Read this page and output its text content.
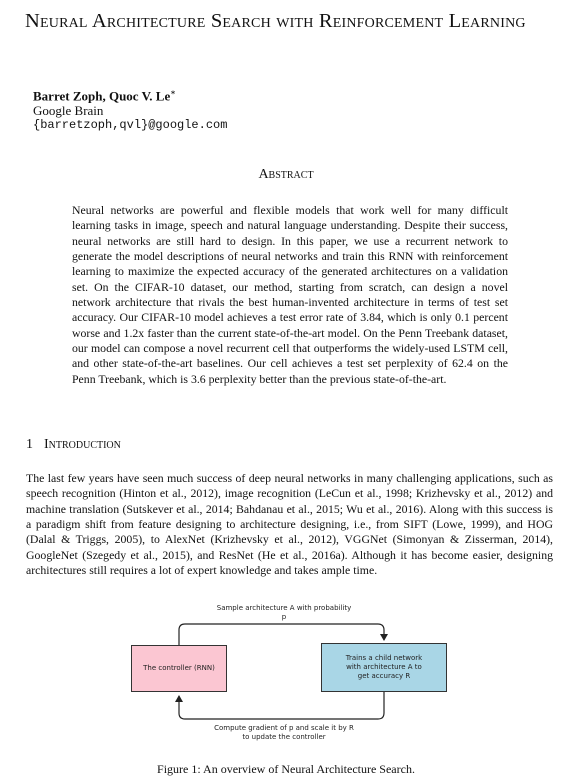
Neural Architecture Search with Reinforcement Learning
Barret Zoph, Quoc V. Le∗
Google Brain
{barretzoph,qvl}@google.com
Abstract

Neural networks are powerful and flexible models that work well for many difficult learning tasks in image, speech and natural language understanding. Despite their success, neural networks are still hard to design. In this paper, we use a recurrent network to generate the model descriptions of neural networks and train this RNN with reinforcement learning to maximize the expected accuracy of the generated architectures on a validation set. On the CIFAR-10 dataset, our method, starting from scratch, can design a novel network architecture that rivals the best human-invented architecture in terms of test set accuracy. Our CIFAR-10 model achieves a test error rate of 3.84, which is only 0.1 percent worse and 1.2x faster than the current state-of-the-art model. On the Penn Treebank dataset, our model can compose a novel recurrent cell that outperforms the widely-used LSTM cell, and other state-of-the-art baselines. Our cell achieves a test set perplexity of 62.4 on the Penn Treebank, which is 3.6 perplexity better than the previous state-of-the-art.

1 Introduction

The last few years have seen much success of deep neural networks in many challenging applications, such as speech recognition (Hinton et al., 2012), image recognition (LeCun et al., 1998; Krizhevsky et al., 2012) and machine translation (Sutskever et al., 2014; Bahdanau et al., 2015; Wu et al., 2016). Along with this success is a paradigm shift from feature designing to architecture designing, i.e., from SIFT (Lowe, 1999), and HOG (Dalal & Triggs, 2005), to AlexNet (Krizhevsky et al., 2012), VGGNet (Simonyan & Zisserman, 2014), GoogleNet (Szegedy et al., 2015), and ResNet (He et al., 2016a). Although it has become easier, designing architectures still requires a lot of expert knowledge and takes ample time.

Sample architecture A with probability p
The controller (RNN)
Trains a child network with architecture A to get accuracy R
Compute gradient of p and scale it by R to update the controller

Figure 1: An overview of Neural Architecture Search.
